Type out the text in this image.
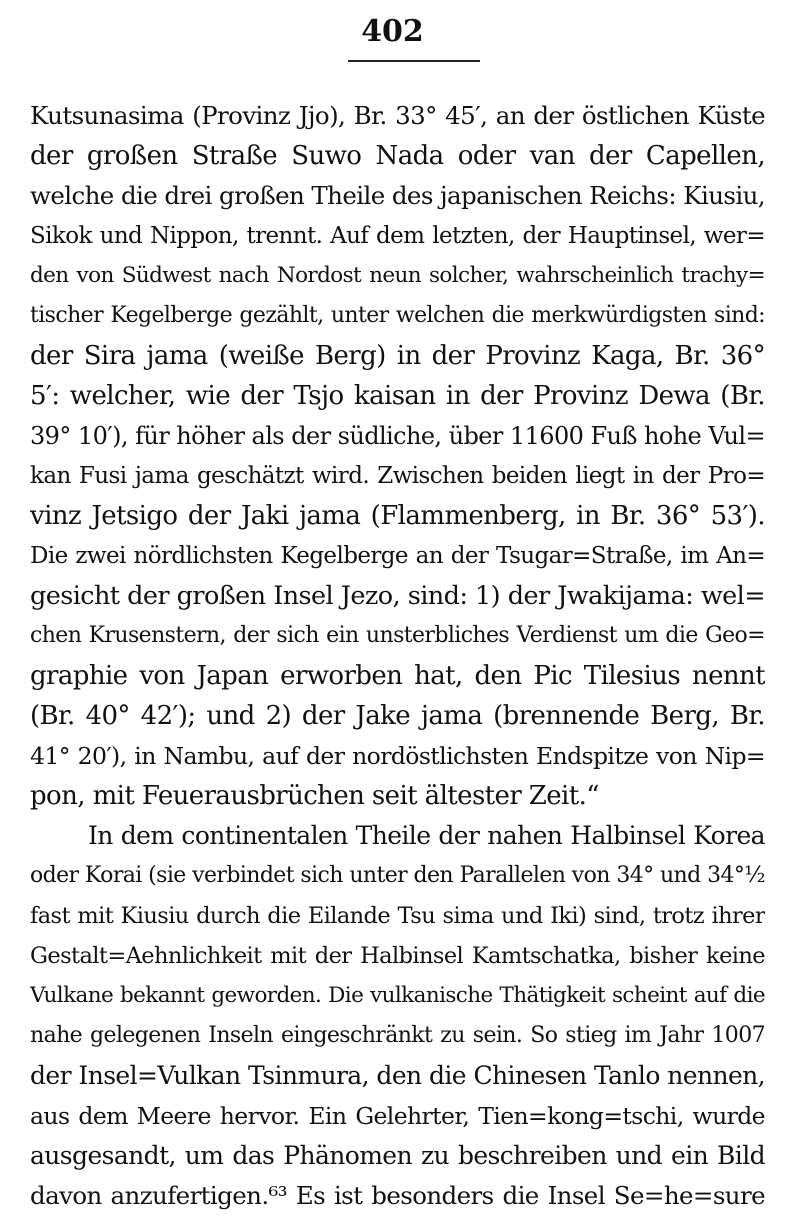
402
Kutsunasima (Provinz Jjo), Br. 33° 45′, an der östlichen Küste
der großen Straße Suwo Nada oder van der Capellen,
welche die drei großen Theile des japanischen Reichs: Kiusiu,
Sikok und Nippon, trennt. Auf dem letzten, der Hauptinsel, wer=
den von Südwest nach Nordost neun solcher, wahrscheinlich trachy=
tischer Kegelberge gezählt, unter welchen die merkwürdigsten sind:
der Sira jama (weiße Berg) in der Provinz Kaga, Br. 36°
5′: welcher, wie der Tsjo kaisan in der Provinz Dewa (Br.
39° 10′), für höher als der südliche, über 11600 Fuß hohe Vul=
kan Fusi jama geschätzt wird. Zwischen beiden liegt in der Pro=
vinz Jetsigo der Jaki jama (Flammenberg, in Br. 36° 53′).
Die zwei nördlichsten Kegelberge an der Tsugar=Straße, im An=
gesicht der großen Insel Jezo, sind: 1) der Jwakijama: wel=
chen Krusenstern, der sich ein unsterbliches Verdienst um die Geo=
graphie von Japan erworben hat, den Pic Tilesius nennt
(Br. 40° 42′); und 2) der Jake jama (brennende Berg, Br.
41° 20′), in Nambu, auf der nordöstlichsten Endspitze von Nip=
pon, mit Feuerausbrüchen seit ältester Zeit.“
In dem continentalen Theile der nahen Halbinsel Korea
oder Korai (sie verbindet sich unter den Parallelen von 34° und 34°½
fast mit Kiusiu durch die Eilande Tsu sima und Iki) sind, trotz ihrer
Gestalt=Aehnlichkeit mit der Halbinsel Kamtschatka, bisher keine
Vulkane bekannt geworden. Die vulkanische Thätigkeit scheint auf die
nahe gelegenen Inseln eingeschränkt zu sein. So stieg im Jahr 1007
der Insel=Vulkan Tsinmura, den die Chinesen Tanlo nennen,
aus dem Meere hervor. Ein Gelehrter, Tien=kong=tschi, wurde
ausgesandt, um das Phänomen zu beschreiben und ein Bild
davon anzufertigen.⁶³ Es ist besonders die Insel Se=he=sure
